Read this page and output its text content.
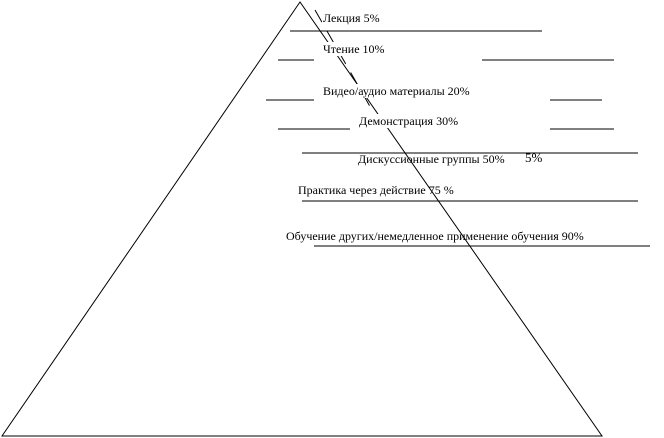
Лекция 5%
Чтение 10%
Видео/аудио материалы 20%
Демонстрация 30%
Дискуссионные группы 50% 5%
Практика через действие 75 %
Обучение других/немедленное применение обучения 90%
